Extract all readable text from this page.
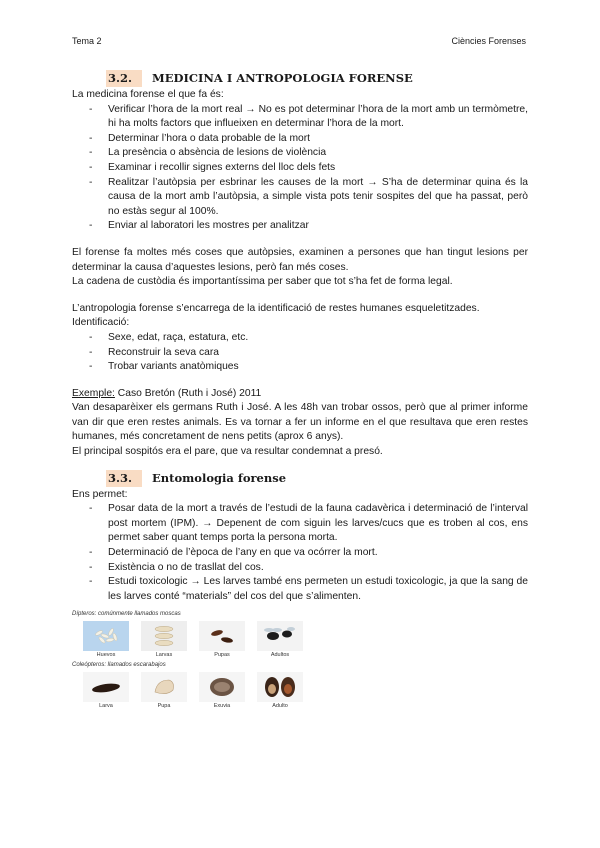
Tema 2	Ciències Forenses
3.2. MEDICINA I ANTROPOLOGIA FORENSE

La medicina forense el que fa és:

- Verificar l’hora de la mort real → No es pot determinar l’hora de la mort amb un termòmetre, hi ha molts factors que influeixen en determinar l’hora de la mort.
- Determinar l’hora o data probable de la mort
- La presència o absència de lesions de violència
- Examinar i recollir signes externs del lloc dels fets
- Realitzar l’autòpsia per esbrinar les causes de la mort → S’ha de determinar quina és la causa de la mort amb l’autòpsia, a simple vista pots tenir sospites del que ha passat, però no estàs segur al 100%.
- Enviar al laboratori les mostres per analitzar

El forense fa moltes més coses que autòpsies, examinen a persones que han tingut lesions per determinar la causa d’aquestes lesions, però fan més coses.

La cadena de custòdia és importantíssima per saber que tot s’ha fet de forma legal.

L’antropologia forense s’encarrega de la identificació de restes humanes esqueletitzades.

Identificació:

- Sexe, edat, raça, estatura, etc.
- Reconstruir la seva cara
- Trobar variants anatòmiques

Exemple: Caso Bretón (Ruth i José) 2011

Van desaparèixer els germans Ruth i José. A les 48h van trobar ossos, però que al primer informe van dir que eren restes animals. Es va tornar a fer un informe en el que resultava que eren restes humanes, més concretament de nens petits (aprox 6 anys).

El principal sospitós era el pare, que va resultar condemnat a presó.

3.3. Entomologia forense

Ens permet:

- Posar data de la mort a través de l’estudi de la fauna cadavèrica i determinació de l’interval post mortem (IPM). → Depenent de com siguin les larves/cucs que es troben al cos, ens permet saber quant temps porta la persona morta.
- Determinació de l’època de l’any en que va ocórrer la mort.
- Existència o no de trasllat del cos.
- Estudi toxicologic → Les larves també ens permeten un estudi toxicologic, ja que la sang de les larves conté “materials” del cos del que s’alimenten.
Dípteros: comúnmente llamados moscas
Huevos	Larvas	Pupas	Adultos
Coleópteros: llamados escarabajos
Larva	Pupa	Exuvia	Adulto
